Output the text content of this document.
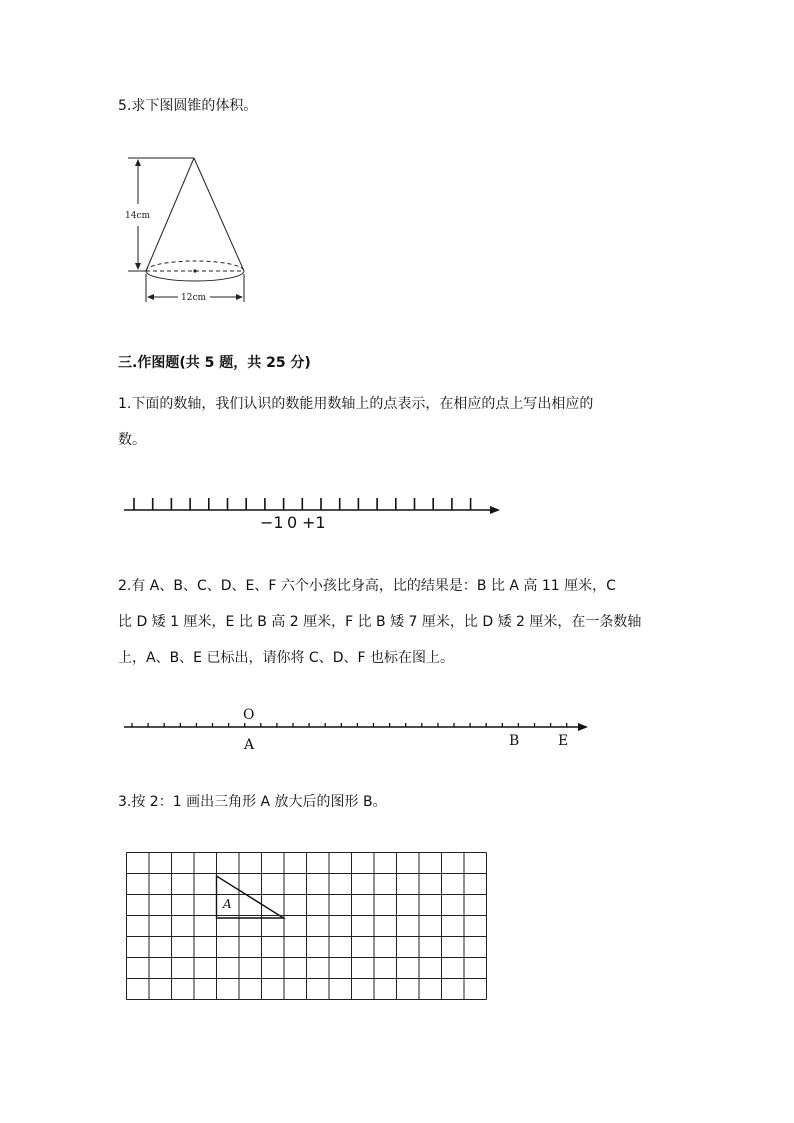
5.求下图圆锥的体积。
14cm
12cm
三.作图题(共 5 题，共 25 分)
1.下面的数轴，我们认识的数能用数轴上的点表示，在相应的点上写出相应的
数。
−1 0 +1
2.有 A、B、C、D、E、F 六个小孩比身高，比的结果是：B 比 A 高 11 厘米，C
比 D 矮 1 厘米，E 比 B 高 2 厘米，F 比 B 矮 7 厘米，比 D 矮 2 厘米，在一条数轴
上，A、B、E 已标出，请你将 C、D、F 也标在图上。
O
A	B	E
3.按 2：1 画出三角形 A 放大后的图形 B。
A
